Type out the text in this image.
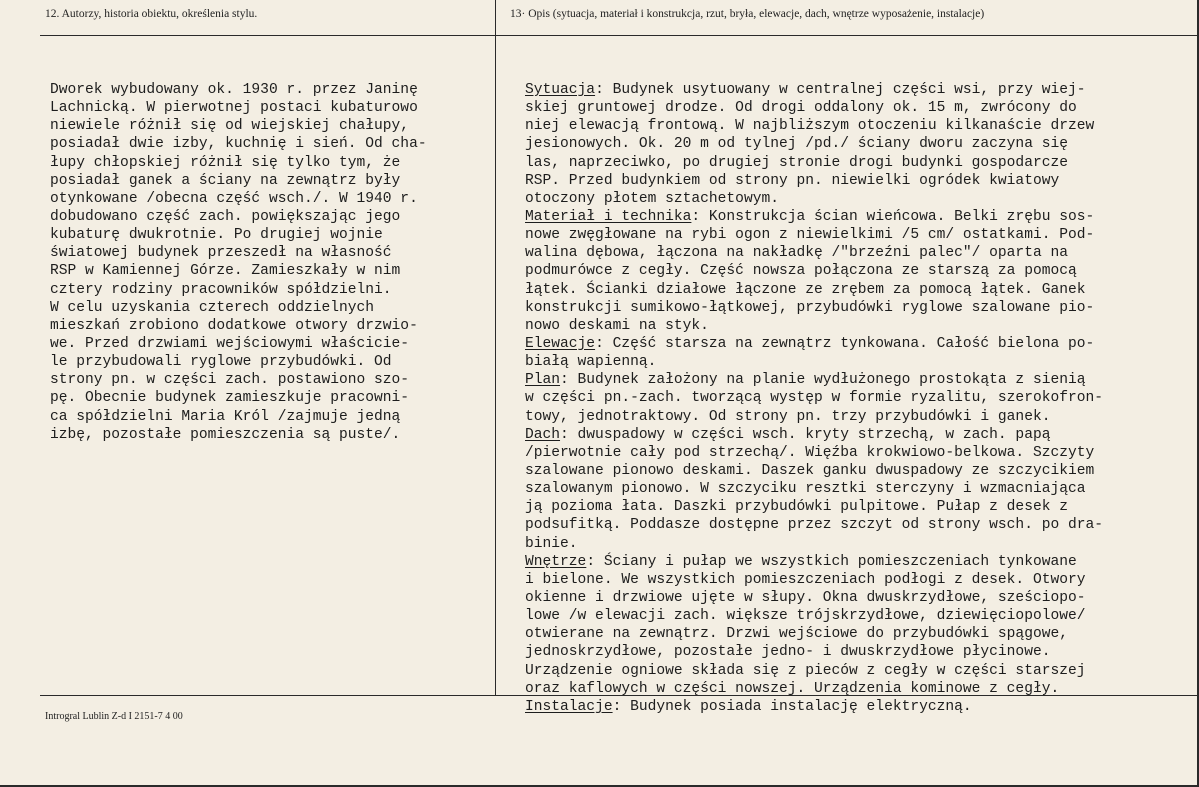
12. Autorzy, historia obiektu, określenia stylu.	13· Opis (sytuacja, materiał i konstrukcja, rzut, bryła, elewacje, dach, wnętrze wyposażenie, instalacje)
Dworek wybudowany ok. 1930 r. przez Janinę
Lachnicką. W pierwotnej postaci kubaturowo
niewiele różnił się od wiejskiej chałupy,
posiadał dwie izby, kuchnię i sień. Od cha-
łupy chłopskiej różnił się tylko tym, że
posiadał ganek a ściany na zewnątrz były
otynkowane /obecna część wsch./. W 1940 r.
dobudowano część zach. powiększając jego
kubaturę dwukrotnie. Po drugiej wojnie
światowej budynek przeszedł na własność
RSP w Kamiennej Górze. Zamieszkały w nim
cztery rodziny pracowników spółdzielni.
W celu uzyskania czterech oddzielnych
mieszkań zrobiono dodatkowe otwory drzwio-
we. Przed drzwiami wejściowymi właścicie-
le przybudowali ryglowe przybudówki. Od
strony pn. w części zach. postawiono szo-
pę. Obecnie budynek zamieszkuje pracowni-
ca spółdzielni Maria Król /zajmuje jedną
izbę, pozostałe pomieszczenia są puste/.
Sytuacja: Budynek usytuowany w centralnej części wsi, przy wiej-
skiej gruntowej drodze. Od drogi oddalony ok. 15 m, zwrócony do
niej elewacją frontową. W najbliższym otoczeniu kilkanaście drzew
jesionowych. Ok. 20 m od tylnej /pd./ ściany dworu zaczyna się
las, naprzeciwko, po drugiej stronie drogi budynki gospodarcze
RSP. Przed budynkiem od strony pn. niewielki ogródek kwiatowy
otoczony płotem sztachetowym.
Materiał i technika: Konstrukcja ścian wieńcowa. Belki zrębu sos-
nowe zwęgłowane na rybi ogon z niewielkimi /5 cm/ ostatkami. Pod-
walina dębowa, łączona na nakładkę /"brzeźni palec"/ oparta na
podmurówce z cegły. Część nowsza połączona ze starszą za pomocą
łątek. Ścianki działowe łączone ze zrębem za pomocą łątek. Ganek
konstrukcji sumikowo-łątkowej, przybudówki ryglowe szalowane pio-
nowo deskami na styk.
Elewacje: Część starsza na zewnątrz tynkowana. Całość bielona po-
białą wapienną.
Plan: Budynek założony na planie wydłużonego prostokąta z sienią
w części pn.-zach. tworzącą występ w formie ryzalitu, szerokofron-
towy, jednotraktowy. Od strony pn. trzy przybudówki i ganek.
Dach: dwuspadowy w części wsch. kryty strzechą, w zach. papą
/pierwotnie cały pod strzechą/. Więźba krokwiowo-belkowa. Szczyty
szalowane pionowo deskami. Daszek ganku dwuspadowy ze szczycikiem
szalowanym pionowo. W szczyciku resztki sterczyny i wzmacniająca
ją pozioma łata. Daszki przybudówki pulpitowe. Pułap z desek z
podsufitką. Poddasze dostępne przez szczyt od strony wsch. po dra-
binie.
Wnętrze: Ściany i pułap we wszystkich pomieszczeniach tynkowane
i bielone. We wszystkich pomieszczeniach podłogi z desek. Otwory
okienne i drzwiowe ujęte w słupy. Okna dwuskrzydłowe, sześciopo-
lowe /w elewacji zach. większe trójskrzydłowe, dziewięciopolowe/
otwierane na zewnątrz. Drzwi wejściowe do przybudówki spągowe,
jednoskrzydłowe, pozostałe jedno- i dwuskrzydłowe płycinowe.
Urządzenie ogniowe składa się z pieców z cegły w części starszej
oraz kaflowych w części nowszej. Urządzenia kominowe z cegły.
Instalacje: Budynek posiada instalację elektryczną.
Introgral Lublin Z-d I 2151-7 4 00
